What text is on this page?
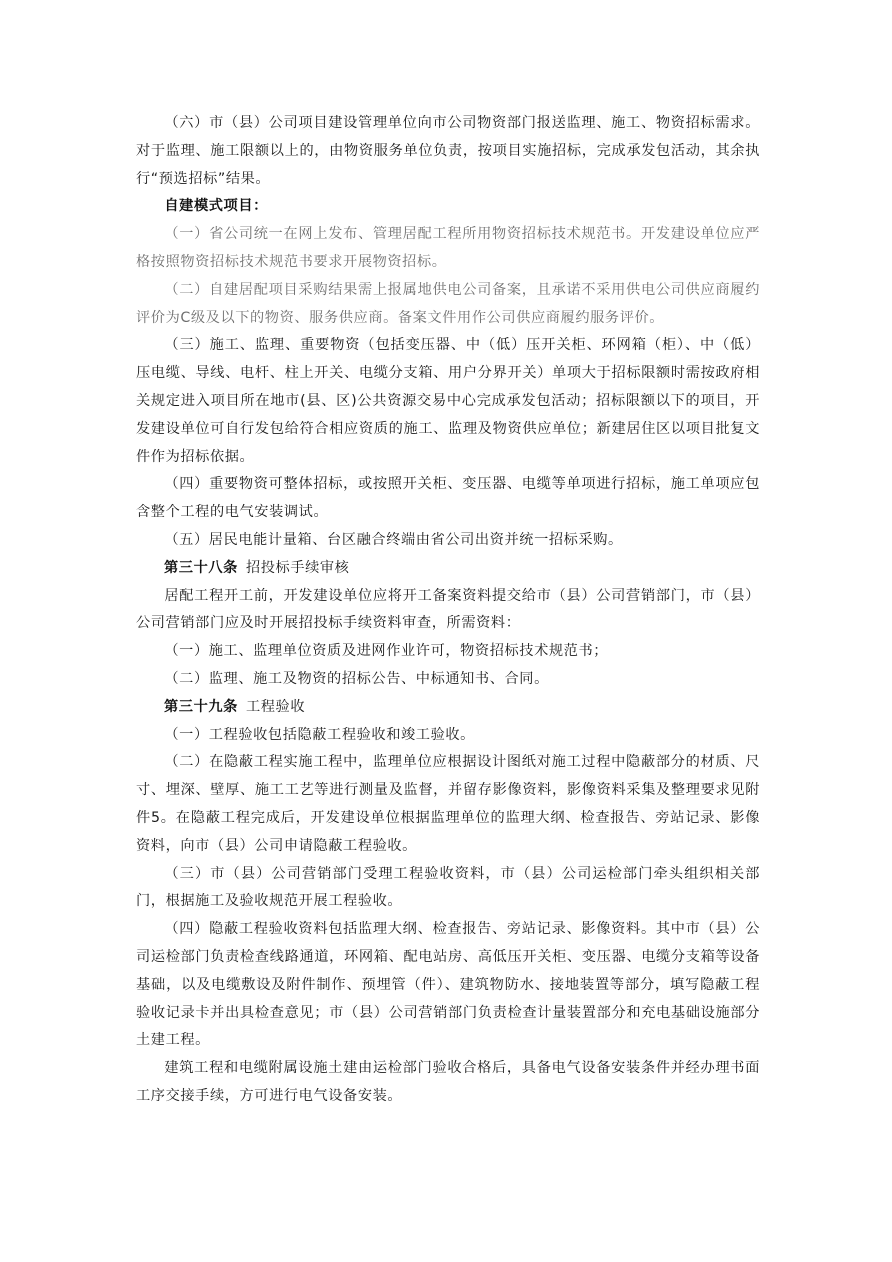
（六）市（县）公司项目建设管理单位向市公司物资部门报送监理、施工、物资招标需求。对于监理、施工限额以上的，由物资服务单位负责，按项目实施招标，完成承发包活动，其余执行“预选招标”结果。

自建模式项目：

（一）省公司统一在网上发布、管理居配工程所用物资招标技术规范书。开发建设单位应严格按照物资招标技术规范书要求开展物资招标。

（二）自建居配项目采购结果需上报属地供电公司备案，且承诺不采用供电公司供应商履约评价为C级及以下的物资、服务供应商。备案文件用作公司供应商履约服务评价。

（三）施工、监理、重要物资（包括变压器、中（低）压开关柜、环网箱（柜）、中（低）压电缆、导线、电杆、柱上开关、电缆分支箱、用户分界开关）单项大于招标限额时需按政府相关规定进入项目所在地市(县、区)公共资源交易中心完成承发包活动；招标限额以下的项目，开发建设单位可自行发包给符合相应资质的施工、监理及物资供应单位；新建居住区以项目批复文件作为招标依据。

（四）重要物资可整体招标，或按照开关柜、变压器、电缆等单项进行招标，施工单项应包含整个工程的电气安装调试。

（五）居民电能计量箱、台区融合终端由省公司出资并统一招标采购。

第三十八条 招投标手续审核

居配工程开工前，开发建设单位应将开工备案资料提交给市（县）公司营销部门，市（县）公司营销部门应及时开展招投标手续资料审查，所需资料：

（一）施工、监理单位资质及进网作业许可，物资招标技术规范书；

（二）监理、施工及物资的招标公告、中标通知书、合同。

第三十九条 工程验收

（一）工程验收包括隐蔽工程验收和竣工验收。

（二）在隐蔽工程实施工程中，监理单位应根据设计图纸对施工过程中隐蔽部分的材质、尺寸、埋深、壁厚、施工工艺等进行测量及监督，并留存影像资料，影像资料采集及整理要求见附件5。在隐蔽工程完成后，开发建设单位根据监理单位的监理大纲、检查报告、旁站记录、影像资料，向市（县）公司申请隐蔽工程验收。

（三）市（县）公司营销部门受理工程验收资料，市（县）公司运检部门牵头组织相关部门，根据施工及验收规范开展工程验收。

（四）隐蔽工程验收资料包括监理大纲、检查报告、旁站记录、影像资料。其中市（县）公司运检部门负责检查线路通道，环网箱、配电站房、高低压开关柜、变压器、电缆分支箱等设备基础，以及电缆敷设及附件制作、预埋管（件）、建筑物防水、接地装置等部分，填写隐蔽工程验收记录卡并出具检查意见；市（县）公司营销部门负责检查计量装置部分和充电基础设施部分土建工程。

建筑工程和电缆附属设施土建由运检部门验收合格后，具备电气设备安装条件并经办理书面工序交接手续，方可进行电气设备安装。
